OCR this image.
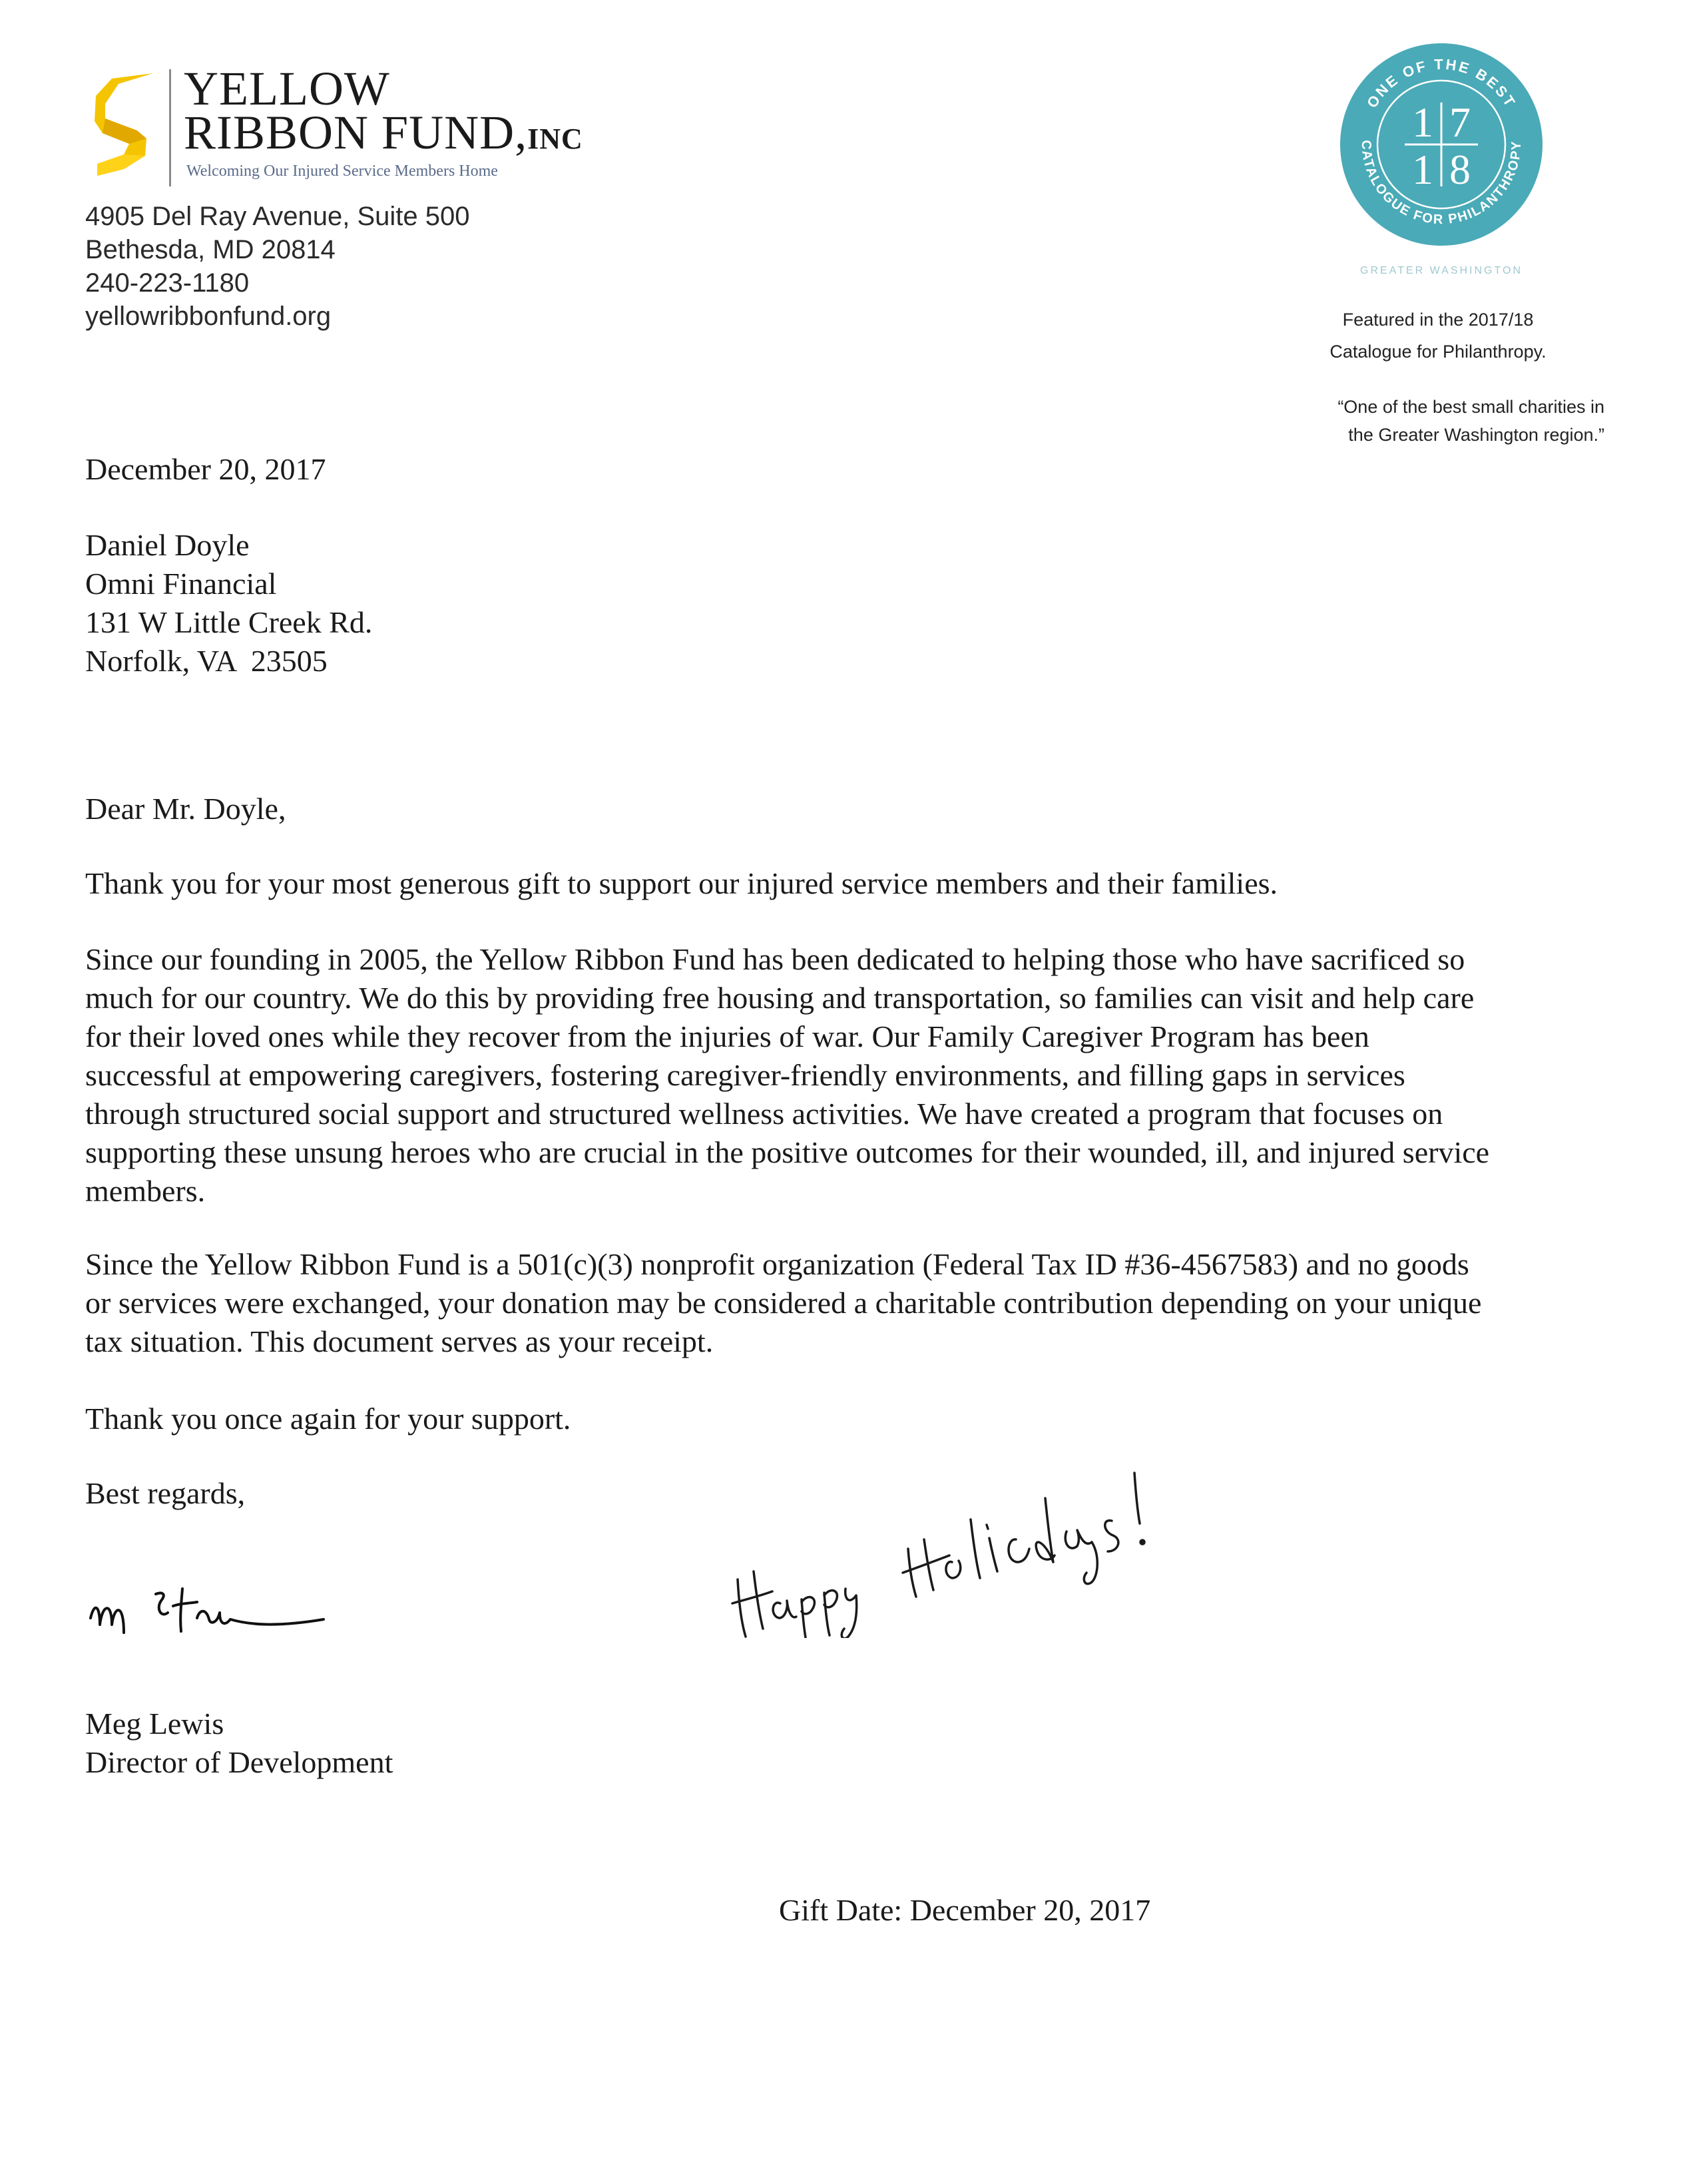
YELLOW
RIBBON FUND,INC
Welcoming Our Injured Service Members Home
4905 Del Ray Avenue, Suite 500
Bethesda, MD 20814
240-223-1180
yellowribbonfund.org
ONE OF THE BEST
CATALOGUE FOR PHILANTHROPY
1 7
1 8
GREATER WASHINGTON
Featured in the 2017/18
Catalogue for Philanthropy.
“One of the best small charities in
the Greater Washington region.”
December 20, 2017
Daniel Doyle
Omni Financial
131 W Little Creek Rd.
Norfolk, VA  23505
Dear Mr. Doyle,
Thank you for your most generous gift to support our injured service members and their families.
Since our founding in 2005, the Yellow Ribbon Fund has been dedicated to helping those who have sacrificed so much for our country. We do this by providing free housing and transportation, so families can visit and help care for their loved ones while they recover from the injuries of war. Our Family Caregiver Program has been successful at empowering caregivers, fostering caregiver-friendly environments, and filling gaps in services through structured social support and structured wellness activities. We have created a program that focuses on supporting these unsung heroes who are crucial in the positive outcomes for their wounded, ill, and injured service members.
Since the Yellow Ribbon Fund is a 501(c)(3) nonprofit organization (Federal Tax ID #36-4567583) and no goods or services were exchanged, your donation may be considered a charitable contribution depending on your unique tax situation. This document serves as your receipt.
Thank you once again for your support.
Best regards,
Meg Lewis
Director of Development
Gift Date: December 20, 2017
